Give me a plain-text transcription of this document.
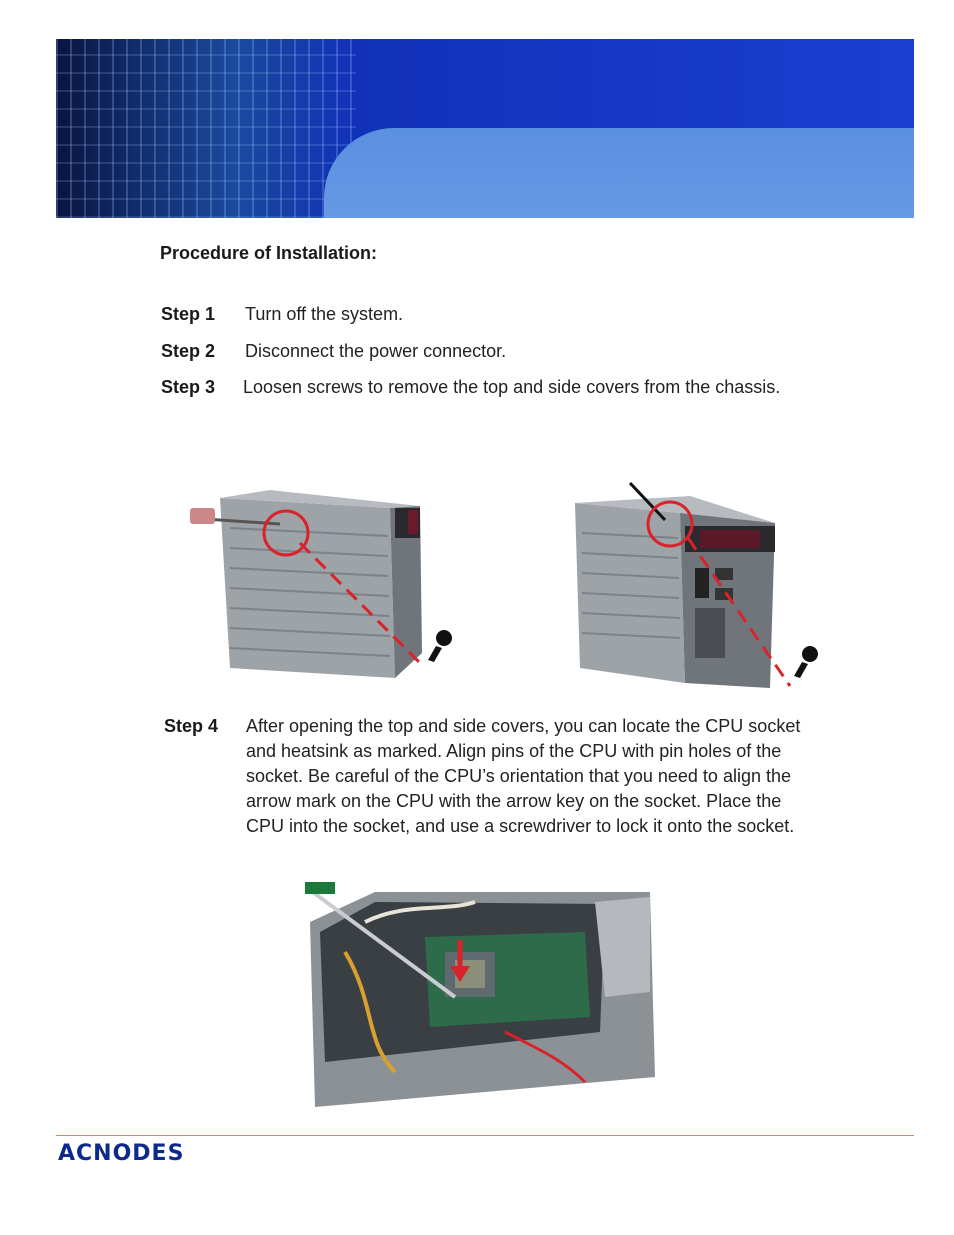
Procedure of Installation:
Step 1	Turn off the system.
Step 2	Disconnect the power connector.
Step 3	Loosen screws to remove the top and side covers from the chassis.
Step 4	After opening the top and side covers, you can locate the CPU socket and heatsink as marked. Align pins of the CPU with pin holes of the socket. Be careful of the CPU’s orientation that you need to align the arrow mark on the CPU with the arrow key on the socket. Place the CPU into the socket, and use a screwdriver to lock it onto the socket.
ACNODES
